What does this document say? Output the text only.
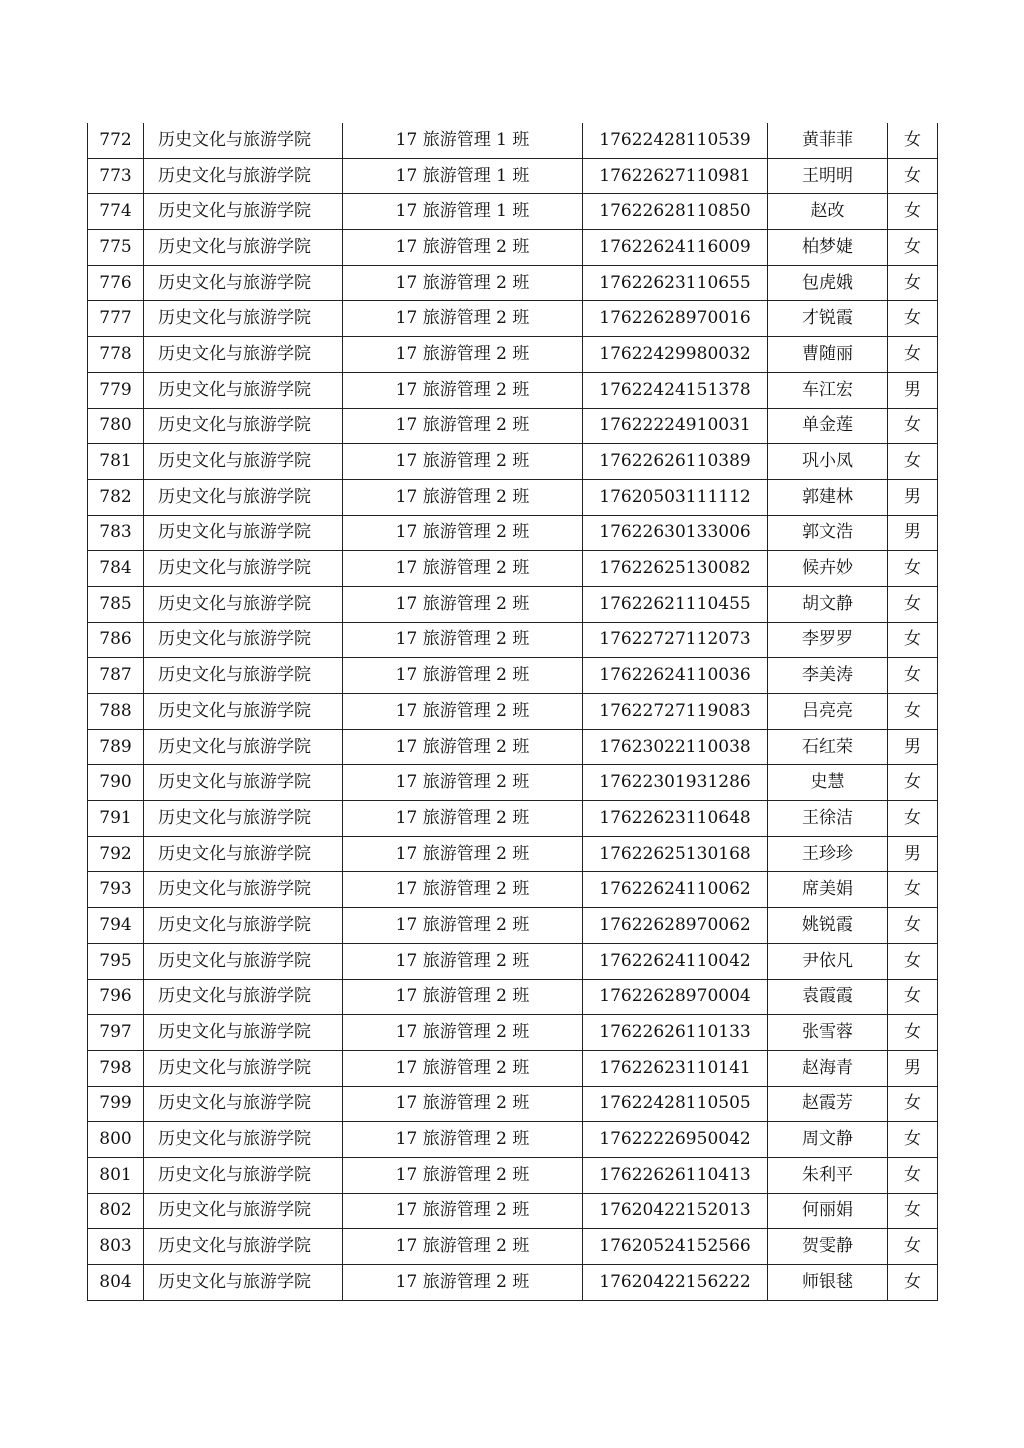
772	历史文化与旅游学院	17 旅游管理 1 班	17622428110539	黄菲菲	女
773	历史文化与旅游学院	17 旅游管理 1 班	17622627110981	王明明	女
774	历史文化与旅游学院	17 旅游管理 1 班	17622628110850	赵改	女
775	历史文化与旅游学院	17 旅游管理 2 班	17622624116009	柏梦婕	女
776	历史文化与旅游学院	17 旅游管理 2 班	17622623110655	包虎娥	女
777	历史文化与旅游学院	17 旅游管理 2 班	17622628970016	才锐霞	女
778	历史文化与旅游学院	17 旅游管理 2 班	17622429980032	曹随丽	女
779	历史文化与旅游学院	17 旅游管理 2 班	17622424151378	车江宏	男
780	历史文化与旅游学院	17 旅游管理 2 班	17622224910031	单金莲	女
781	历史文化与旅游学院	17 旅游管理 2 班	17622626110389	巩小凤	女
782	历史文化与旅游学院	17 旅游管理 2 班	17620503111112	郭建林	男
783	历史文化与旅游学院	17 旅游管理 2 班	17622630133006	郭文浩	男
784	历史文化与旅游学院	17 旅游管理 2 班	17622625130082	候卉妙	女
785	历史文化与旅游学院	17 旅游管理 2 班	17622621110455	胡文静	女
786	历史文化与旅游学院	17 旅游管理 2 班	17622727112073	李罗罗	女
787	历史文化与旅游学院	17 旅游管理 2 班	17622624110036	李美涛	女
788	历史文化与旅游学院	17 旅游管理 2 班	17622727119083	吕亮亮	女
789	历史文化与旅游学院	17 旅游管理 2 班	17623022110038	石红荣	男
790	历史文化与旅游学院	17 旅游管理 2 班	17622301931286	史慧	女
791	历史文化与旅游学院	17 旅游管理 2 班	17622623110648	王徐洁	女
792	历史文化与旅游学院	17 旅游管理 2 班	17622625130168	王珍珍	男
793	历史文化与旅游学院	17 旅游管理 2 班	17622624110062	席美娟	女
794	历史文化与旅游学院	17 旅游管理 2 班	17622628970062	姚锐霞	女
795	历史文化与旅游学院	17 旅游管理 2 班	17622624110042	尹依凡	女
796	历史文化与旅游学院	17 旅游管理 2 班	17622628970004	袁霞霞	女
797	历史文化与旅游学院	17 旅游管理 2 班	17622626110133	张雪蓉	女
798	历史文化与旅游学院	17 旅游管理 2 班	17622623110141	赵海青	男
799	历史文化与旅游学院	17 旅游管理 2 班	17622428110505	赵霞芳	女
800	历史文化与旅游学院	17 旅游管理 2 班	17622226950042	周文静	女
801	历史文化与旅游学院	17 旅游管理 2 班	17622626110413	朱利平	女
802	历史文化与旅游学院	17 旅游管理 2 班	17620422152013	何丽娟	女
803	历史文化与旅游学院	17 旅游管理 2 班	17620524152566	贺雯静	女
804	历史文化与旅游学院	17 旅游管理 2 班	17620422156222	师银毬	女
